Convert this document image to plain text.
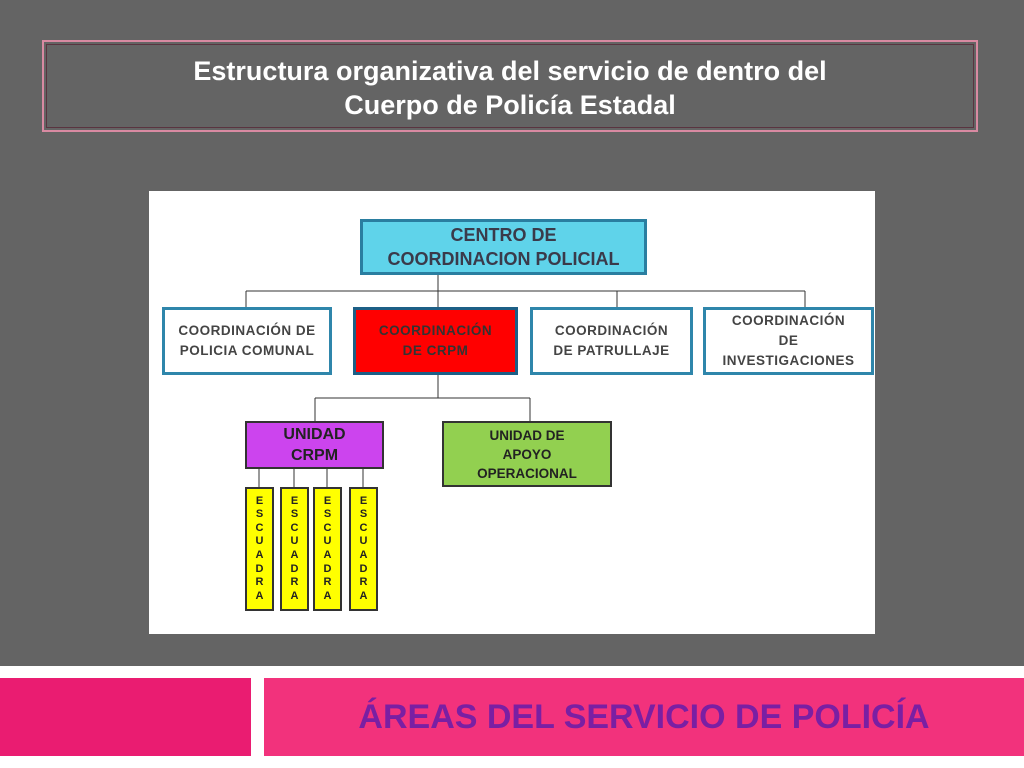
Estructura organizativa del servicio de dentro del
Cuerpo de Policía Estadal
CENTRO DE
COORDINACION POLICIAL
COORDINACIÓN DE
POLICIA COMUNAL
COORDINACIÓN
DE CRPM
COORDINACIÓN
DE PATRULLAJE
COORDINACIÓN
DE
INVESTIGACIONES
UNIDAD
CRPM
UNIDAD DE
APOYO
OPERACIONAL
E
S
C
U
A
D
R
A
E
S
C
U
A
D
R
A
E
S
C
U
A
D
R
A
E
S
C
U
A
D
R
A
ÁREAS DEL SERVICIO DE POLICÍA
